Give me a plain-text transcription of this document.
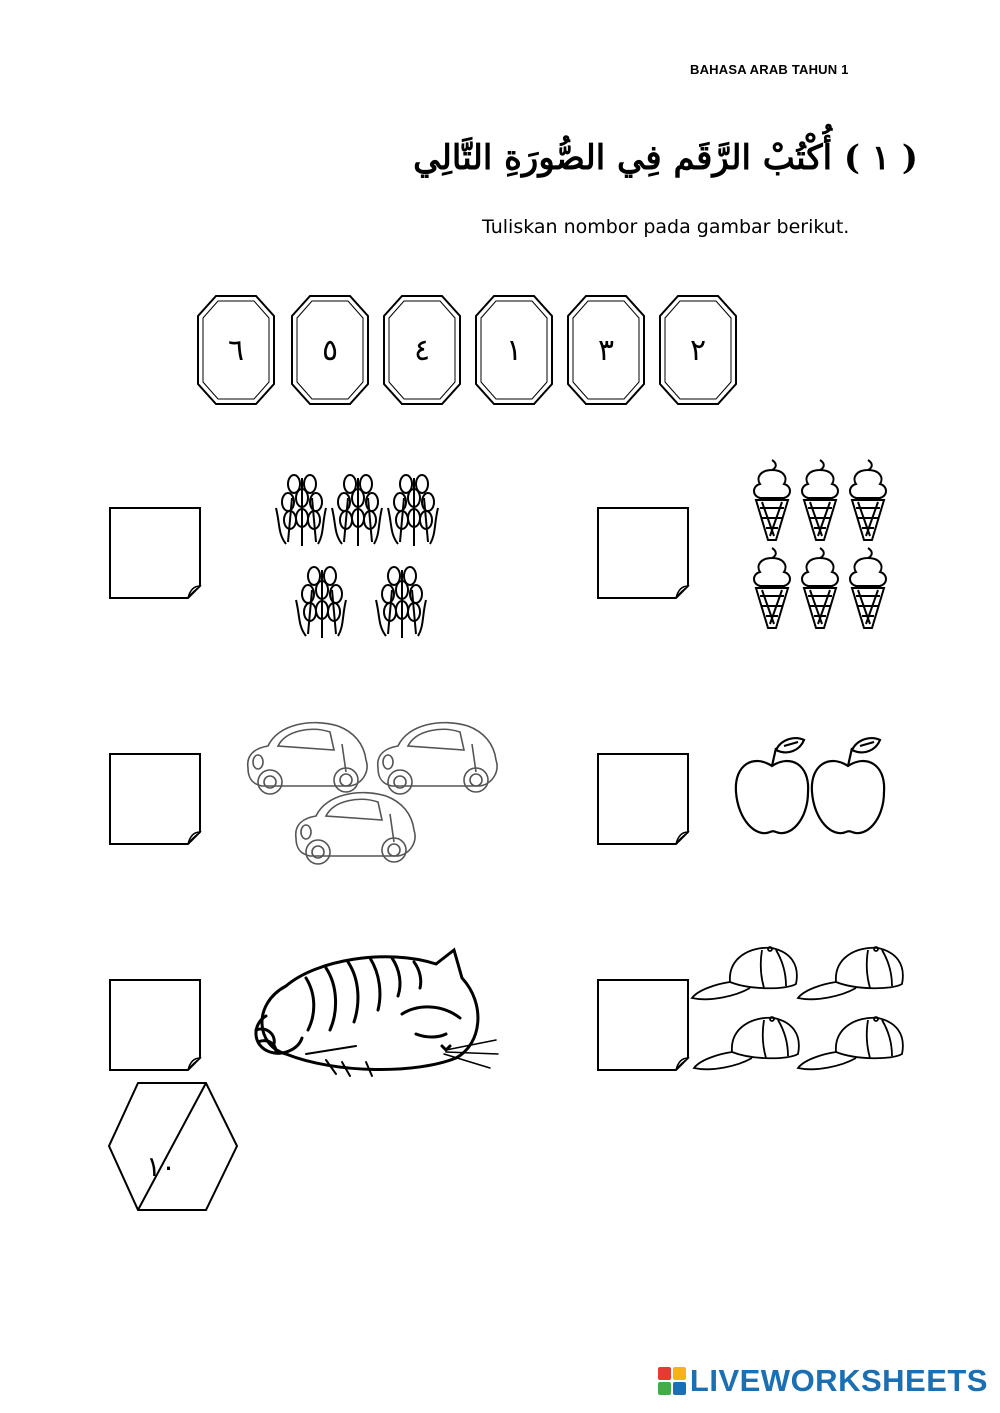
BAHASA ARAB TAHUN 1
( ١ ) أُكْتُبْ الرَّقَم فِي الصُّورَةِ التَّالِي
Tuliskan nombor pada gambar berikut.
٢
٣
١
٤
٥
٦
١٠
LIVEWORKSHEETS
